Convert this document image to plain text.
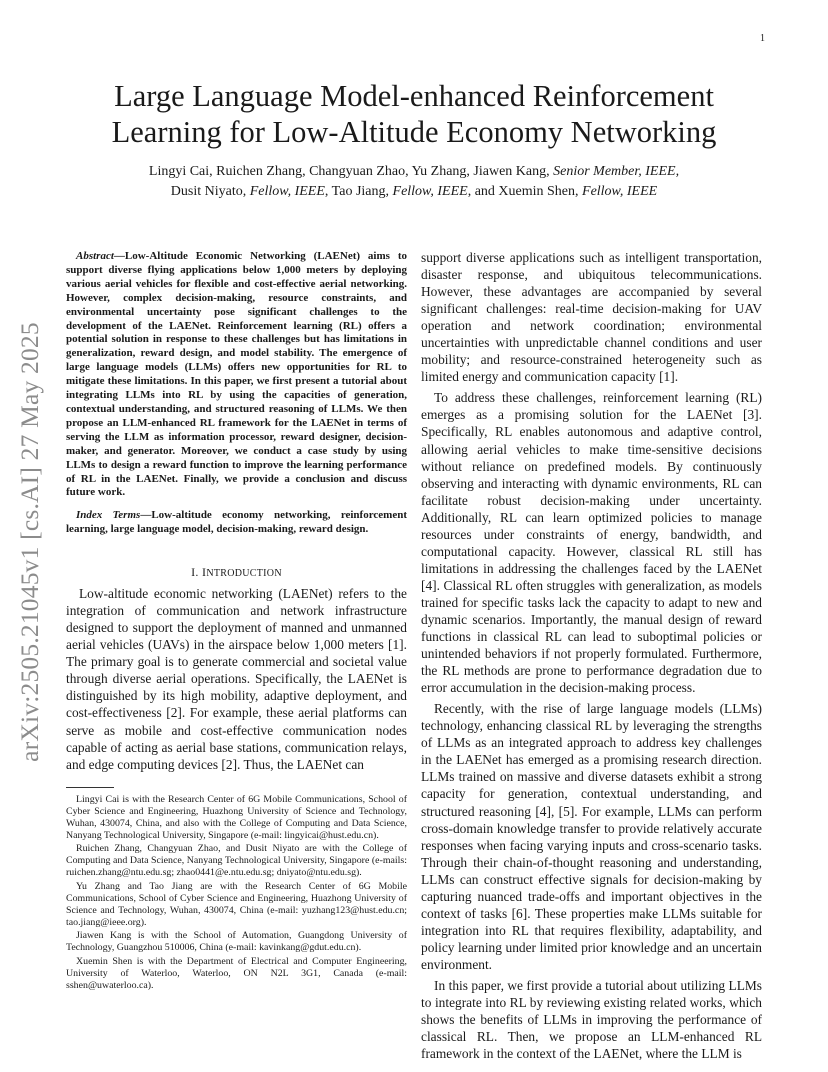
1
arXiv:2505.21045v1 [cs.AI] 27 May 2025
Large Language Model-enhanced Reinforcement Learning for Low-Altitude Economy Networking

Lingyi Cai, Ruichen Zhang, Changyuan Zhao, Yu Zhang, Jiawen Kang, Senior Member, IEEE,

Dusit Niyato, Fellow, IEEE, Tao Jiang, Fellow, IEEE, and Xuemin Shen, Fellow, IEEE

Abstract—Low-Altitude Economic Networking (LAENet) aims to support diverse flying applications below 1,000 meters by deploying various aerial vehicles for flexible and cost-effective aerial networking. However, complex decision-making, resource constraints, and environmental uncertainty pose significant challenges to the development of the LAENet. Reinforcement learning (RL) offers a potential solution in response to these challenges but has limitations in generalization, reward design, and model stability. The emergence of large language models (LLMs) offers new opportunities for RL to mitigate these limitations. In this paper, we first present a tutorial about integrating LLMs into RL by using the capacities of generation, contextual understanding, and structured reasoning of LLMs. We then propose an LLM-enhanced RL framework for the LAENet in terms of serving the LLM as information processor, reward designer, decision-maker, and generator. Moreover, we conduct a case study by using LLMs to design a reward function to improve the learning performance of RL in the LAENet. Finally, we provide a conclusion and discuss future work.

Index Terms—Low-altitude economy networking, reinforcement learning, large language model, decision-making, reward design.

I. INTRODUCTION

Low-altitude economic networking (LAENet) refers to the integration of communication and network infrastructure designed to support the deployment of manned and unmanned aerial vehicles (UAVs) in the airspace below 1,000 meters [1]. The primary goal is to generate commercial and societal value through diverse aerial operations. Specifically, the LAENet is distinguished by its high mobility, adaptive deployment, and cost-effectiveness [2]. For example, these aerial platforms can serve as mobile and cost-effective communication nodes capable of acting as aerial base stations, communication relays, and edge computing devices [2]. Thus, the LAENet can

Lingyi Cai is with the Research Center of 6G Mobile Communications, School of Cyber Science and Engineering, Huazhong University of Science and Technology, Wuhan, 430074, China, and also with the College of Computing and Data Science, Nanyang Technological University, Singapore (e-mail: lingyicai@hust.edu.cn).

Ruichen Zhang, Changyuan Zhao, and Dusit Niyato are with the College of Computing and Data Science, Nanyang Technological University, Singapore (e-mails: ruichen.zhang@ntu.edu.sg; zhao0441@e.ntu.edu.sg; dniyato@ntu.edu.sg).

Yu Zhang and Tao Jiang are with the Research Center of 6G Mobile Communications, School of Cyber Science and Engineering, Huazhong University of Science and Technology, Wuhan, 430074, China (e-mail: yuzhang123@hust.edu.cn; tao.jiang@ieee.org).

Jiawen Kang is with the School of Automation, Guangdong University of Technology, Guangzhou 510006, China (e-mail: kavinkang@gdut.edu.cn).

Xuemin Shen is with the Department of Electrical and Computer Engineering, University of Waterloo, Waterloo, ON N2L 3G1, Canada (e-mail: sshen@uwaterloo.ca).

support diverse applications such as intelligent transportation, disaster response, and ubiquitous telecommunications. However, these advantages are accompanied by several significant challenges: real-time decision-making for UAV operation and network coordination; environmental uncertainties with unpredictable channel conditions and user mobility; and resource-constrained heterogeneity such as limited energy and communication capacity [1].

To address these challenges, reinforcement learning (RL) emerges as a promising solution for the LAENet [3]. Specifically, RL enables autonomous and adaptive control, allowing aerial vehicles to make time-sensitive decisions without reliance on predefined models. By continuously observing and interacting with dynamic environments, RL can facilitate robust decision-making under uncertainty. Additionally, RL can learn optimized policies to manage resources under constraints of energy, bandwidth, and computational capacity. However, classical RL still has limitations in addressing the challenges faced by the LAENet [4]. Classical RL often struggles with generalization, as models trained for specific tasks lack the capacity to adapt to new and dynamic scenarios. Importantly, the manual design of reward functions in classical RL can lead to suboptimal policies or unintended behaviors if not properly formulated. Furthermore, the RL methods are prone to performance degradation due to error accumulation in the decision-making process.

Recently, with the rise of large language models (LLMs) technology, enhancing classical RL by leveraging the strengths of LLMs as an integrated approach to address key challenges in the LAENet has emerged as a promising research direction. LLMs trained on massive and diverse datasets exhibit a strong capacity for generation, contextual understanding, and structured reasoning [4], [5]. For example, LLMs can perform cross-domain knowledge transfer to provide relatively accurate responses when facing varying inputs and cross-scenario tasks. Through their chain-of-thought reasoning and understanding, LLMs can construct effective signals for decision-making by capturing nuanced trade-offs and important objectives in the context of tasks [6]. These properties make LLMs suitable for integration into RL that requires flexibility, adaptability, and policy learning under limited prior knowledge and an uncertain environment.

In this paper, we first provide a tutorial about utilizing LLMs to integrate into RL by reviewing existing related works, which shows the benefits of LLMs in improving the performance of classical RL. Then, we propose an LLM-enhanced RL framework in the context of the LAENet, where the LLM is
